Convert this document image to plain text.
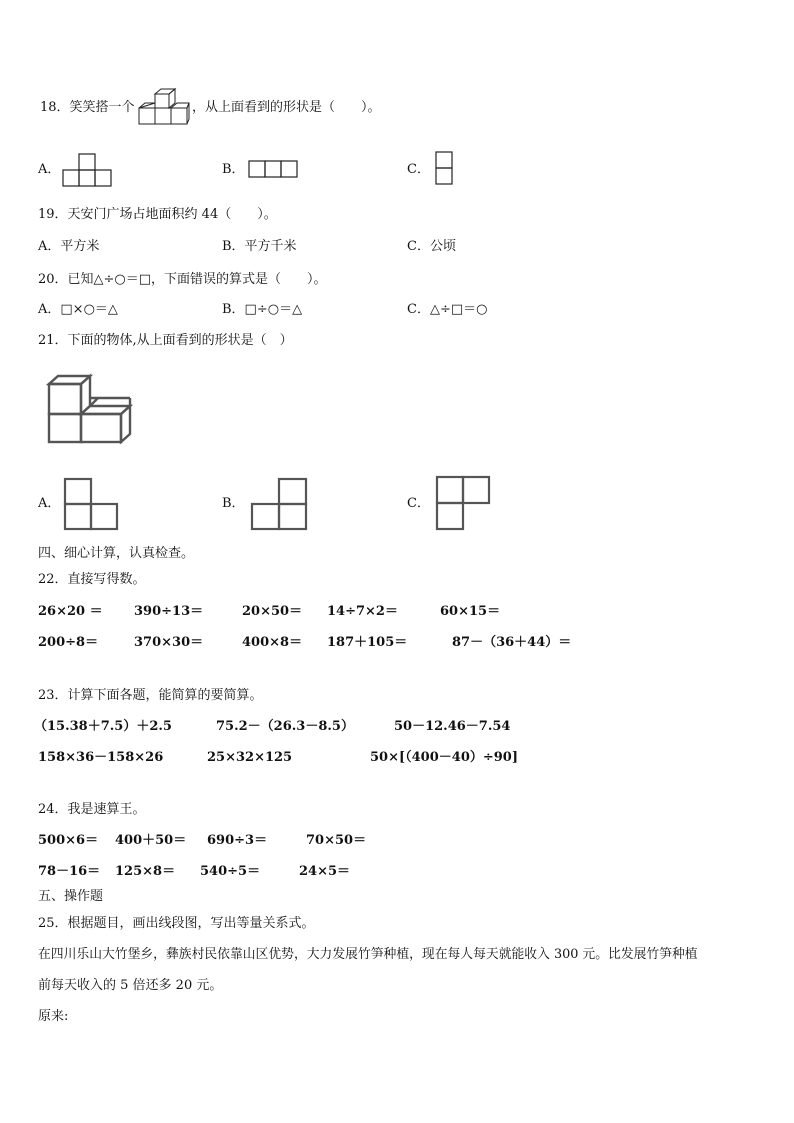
18．笑笑搭一个	，从上面看到的形状是（　　）。
A．	B．	C．
19．天安门广场占地面积约 44（　　）。
A．平方米	B．平方千米	C．公顷
20．已知△÷○＝□，下面错误的算式是（　　）。
A．□×○＝△	B．□÷○＝△	C．△÷□＝○
21．下面的物体,从上面看到的形状是（　）
A．	B．	C．
四、细心计算，认真检查。
22．直接写得数。
26×20 ＝ 390÷13＝	20×50＝ 14÷7×2＝	60×15＝
200÷8＝	370×30＝	400×8＝ 187＋105＝	87－（36＋44）＝
23．计算下面各题，能简算的要简算。
（15.38＋7.5）＋2.5	75.2－（26.3－8.5）	50－12.46－7.54
158×36－158×26	25×32×125	50×[（400－40）÷90]
24．我是速算王。
500×6＝ 400＋50＝ 690÷3＝	70×50＝
78－16＝ 125×8＝ 540÷5＝	24×5＝
五、操作题
25．根据题目，画出线段图，写出等量关系式。
在四川乐山大竹堡乡，彝族村民依靠山区优势，大力发展竹笋种植，现在每人每天就能收入 300 元。比发展竹笋种植
前每天收入的 5 倍还多 20 元。
原来:
